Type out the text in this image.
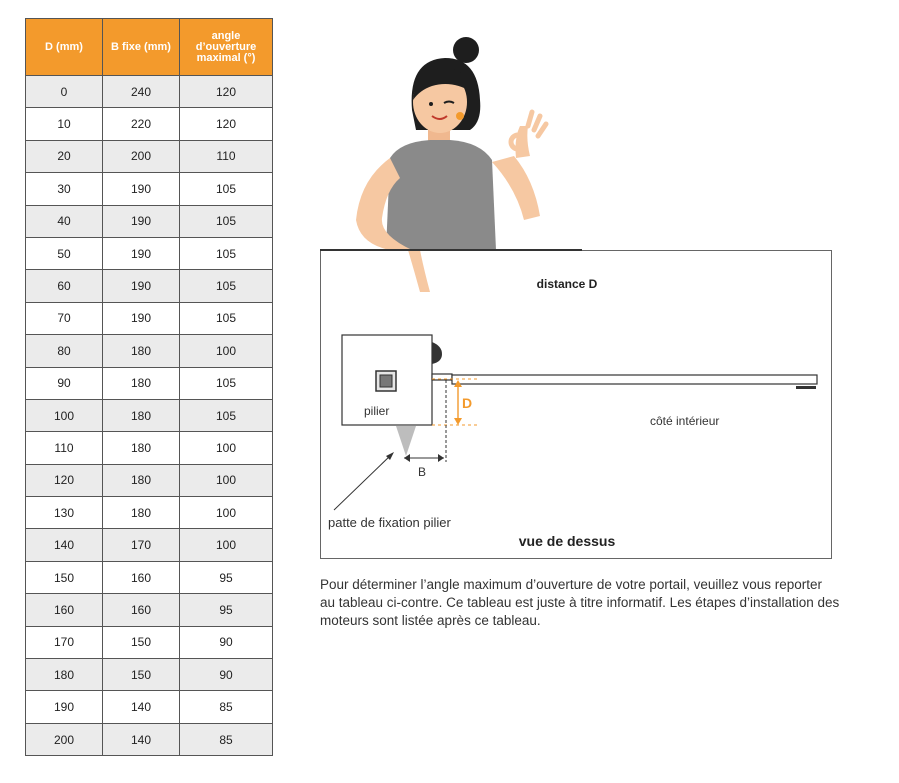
D (mm)	B fixe (mm)	angle d’ouverture maximal (°)
0	240	120
10	220	120
20	200	110
30	190	105
40	190	105
50	190	105
60	190	105
70	190	105
80	180	100
90	180	105
100	180	105
110	180	100
120	180	100
130	180	100
140	170	100
150	160	95
160	160	95
170	150	90
180	150	90
190	140	85
200	140	85
distance D
pilier	D
B
patte de fixation pilier
côté intérieur
vue de dessus

Pour déterminer l’angle maximum d’ouverture de votre portail, veuillez vous reporter au tableau ci-contre. Ce tableau est juste à titre informatif. Les étapes d’installation des moteurs sont listée après ce tableau.
